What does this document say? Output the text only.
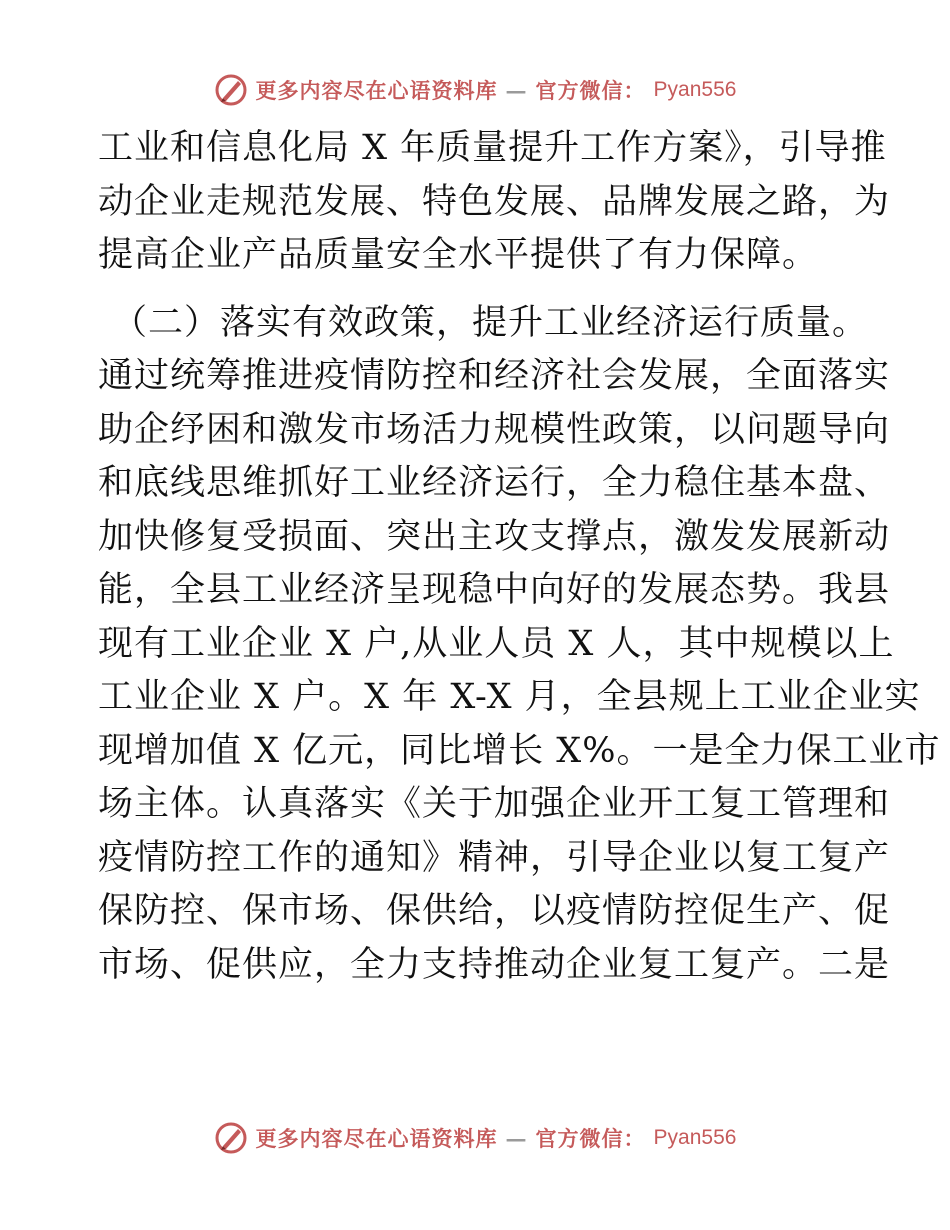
更多内容尽在心语资料库 — 官方微信： Pyan556
工业和信息化局 X 年质量提升工作方案》，引导推
动企业走规范发展、特色发展、品牌发展之路，为
提高企业产品质量安全水平提供了有力保障。
（二）落实有效政策，提升工业经济运行质量。
通过统筹推进疫情防控和经济社会发展，全面落实
助企纾困和激发市场活力规模性政策，以问题导向
和底线思维抓好工业经济运行，全力稳住基本盘、
加快修复受损面、突出主攻支撑点，激发发展新动
能，全县工业经济呈现稳中向好的发展态势。我县
现有工业企业 X 户,从业人员 X 人，其中规模以上
工业企业 X 户。X 年 X-X 月，全县规上工业企业实
现增加值 X 亿元，同比增长 X%。一是全力保工业市
场主体。认真落实《关于加强企业开工复工管理和
疫情防控工作的通知》精神，引导企业以复工复产
保防控、保市场、保供给，以疫情防控促生产、促
市场、促供应，全力支持推动企业复工复产。二是
更多内容尽在心语资料库 — 官方微信： Pyan556
